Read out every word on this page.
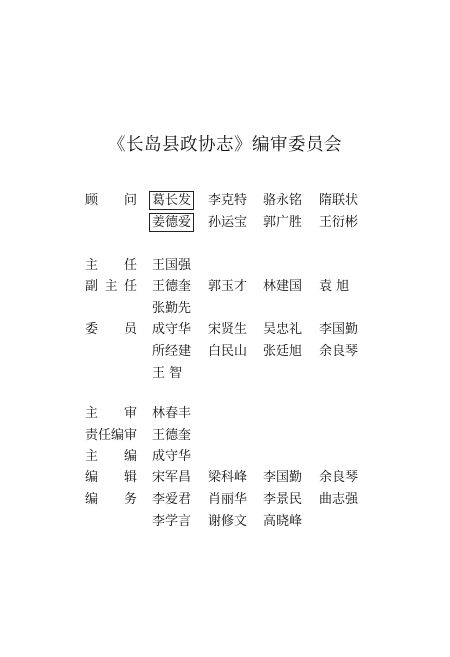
《长岛县政协志》编审委员会
顾 问 葛长发 李克特 骆永铭 隋联状
姜德爱 孙运宝 郭广胜 王衍彬
主 任 王国强
副主任 王德奎 郭玉才 林建国 袁 旭
张勤先
委 员 成守华 宋贤生 吴忠礼 李国勤
所经建 白民山 张廷旭 余良琴
王 智
主 审 林春丰
责任编审 王德奎
主 编 成守华
编 辑 宋军昌 梁科峰 李国勤 余良琴
编 务 李爱君 肖丽华 李景民 曲志强
李学言 谢修文 高晓峰
